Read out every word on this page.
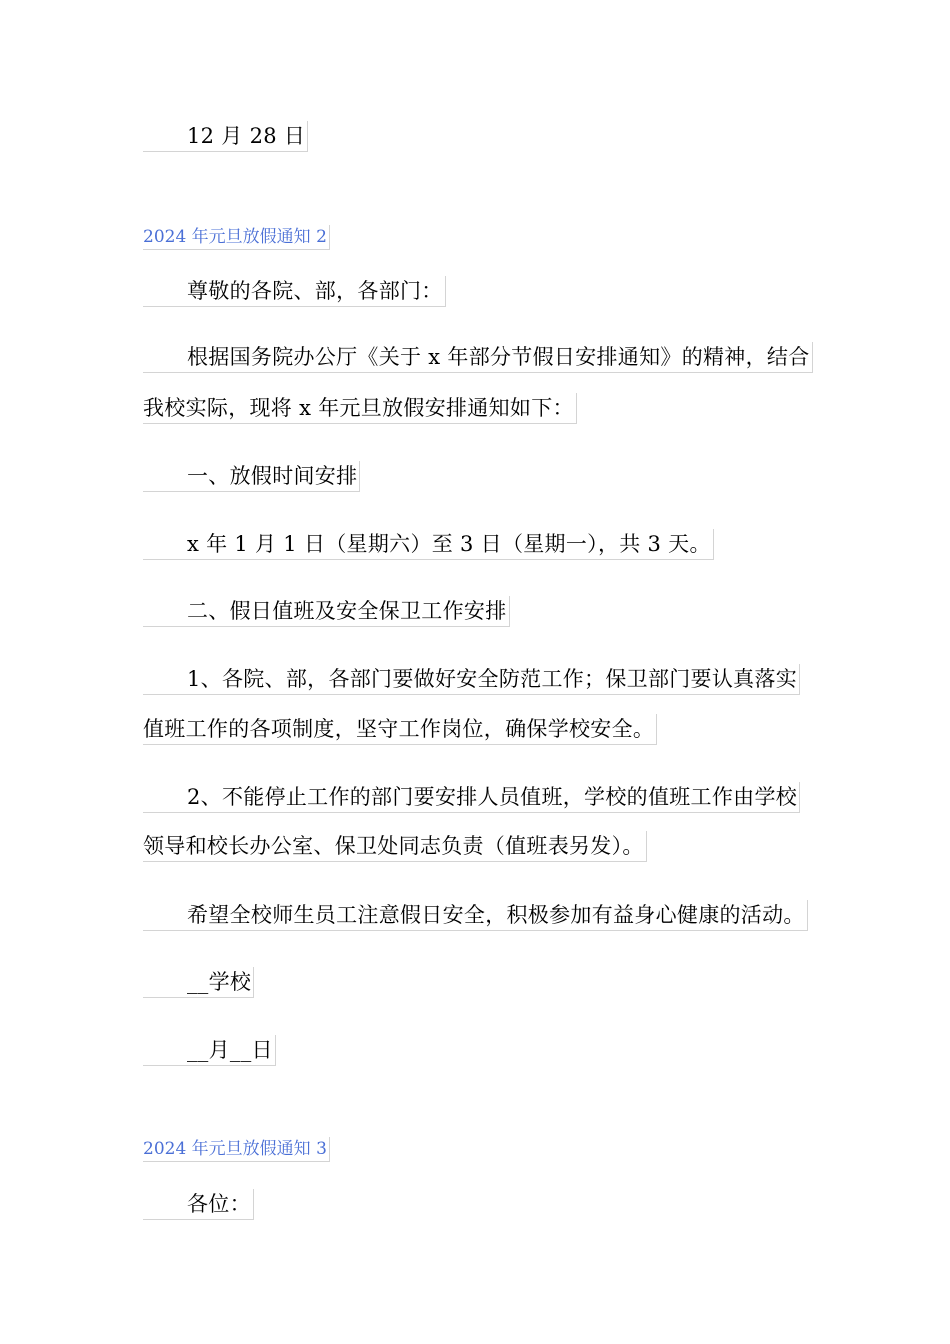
12 月 28 日
2024 年元旦放假通知 2
尊敬的各院、部，各部门：
根据国务院办公厅《关于 x 年部分节假日安排通知》的精神，结合
我校实际，现将 x 年元旦放假安排通知如下：
一、放假时间安排
x 年 1 月 1 日（星期六）至 3 日（星期一），共 3 天。
二、假日值班及安全保卫工作安排
1、各院、部，各部门要做好安全防范工作；保卫部门要认真落实
值班工作的各项制度，坚守工作岗位，确保学校安全。
2、不能停止工作的部门要安排人员值班，学校的值班工作由学校
领导和校长办公室、保卫处同志负责（值班表另发）。
希望全校师生员工注意假日安全，积极参加有益身心健康的活动。
__学校
__月__日
2024 年元旦放假通知 3
各位：
